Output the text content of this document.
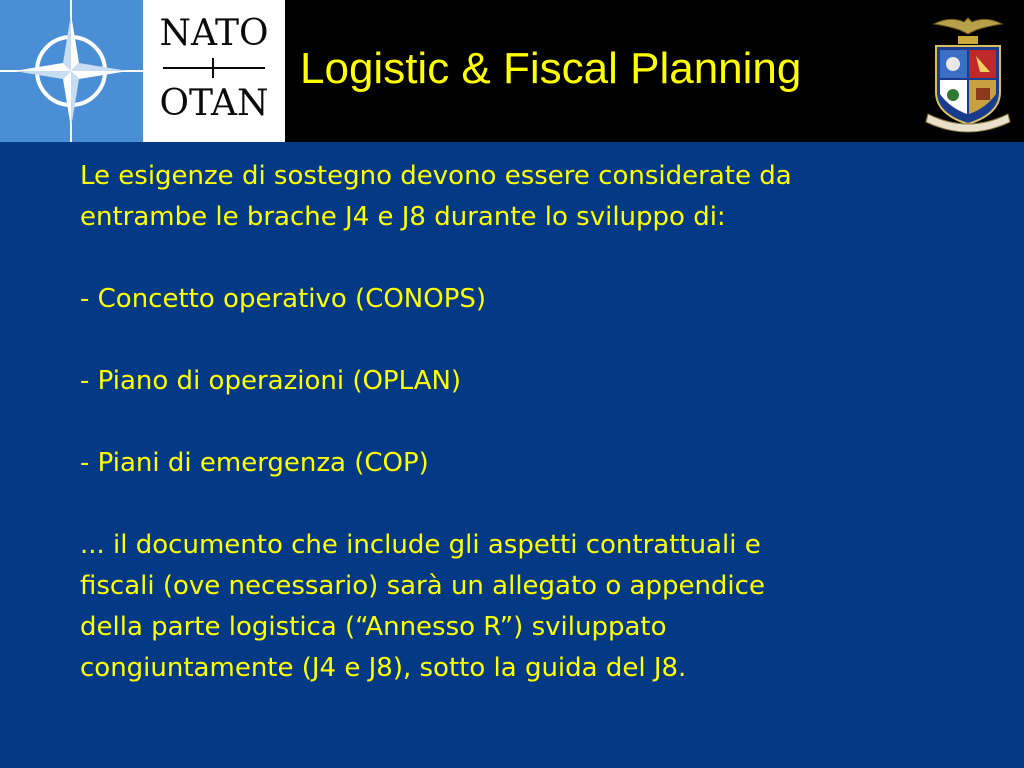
NATO
OTAN
Logistic & Fiscal Planning

Le esigenze di sostegno devono essere considerate da

entrambe le brache J4 e J8 durante lo sviluppo di:

- Concetto operativo (CONOPS)

- Piano di operazioni (OPLAN)

- Piani di emergenza (COP)

... il documento che include gli aspetti contrattuali e

fiscali (ove necessario) sarà un allegato o appendice

della parte logistica (“Annesso R”) sviluppato

congiuntamente (J4 e J8), sotto la guida del J8.
